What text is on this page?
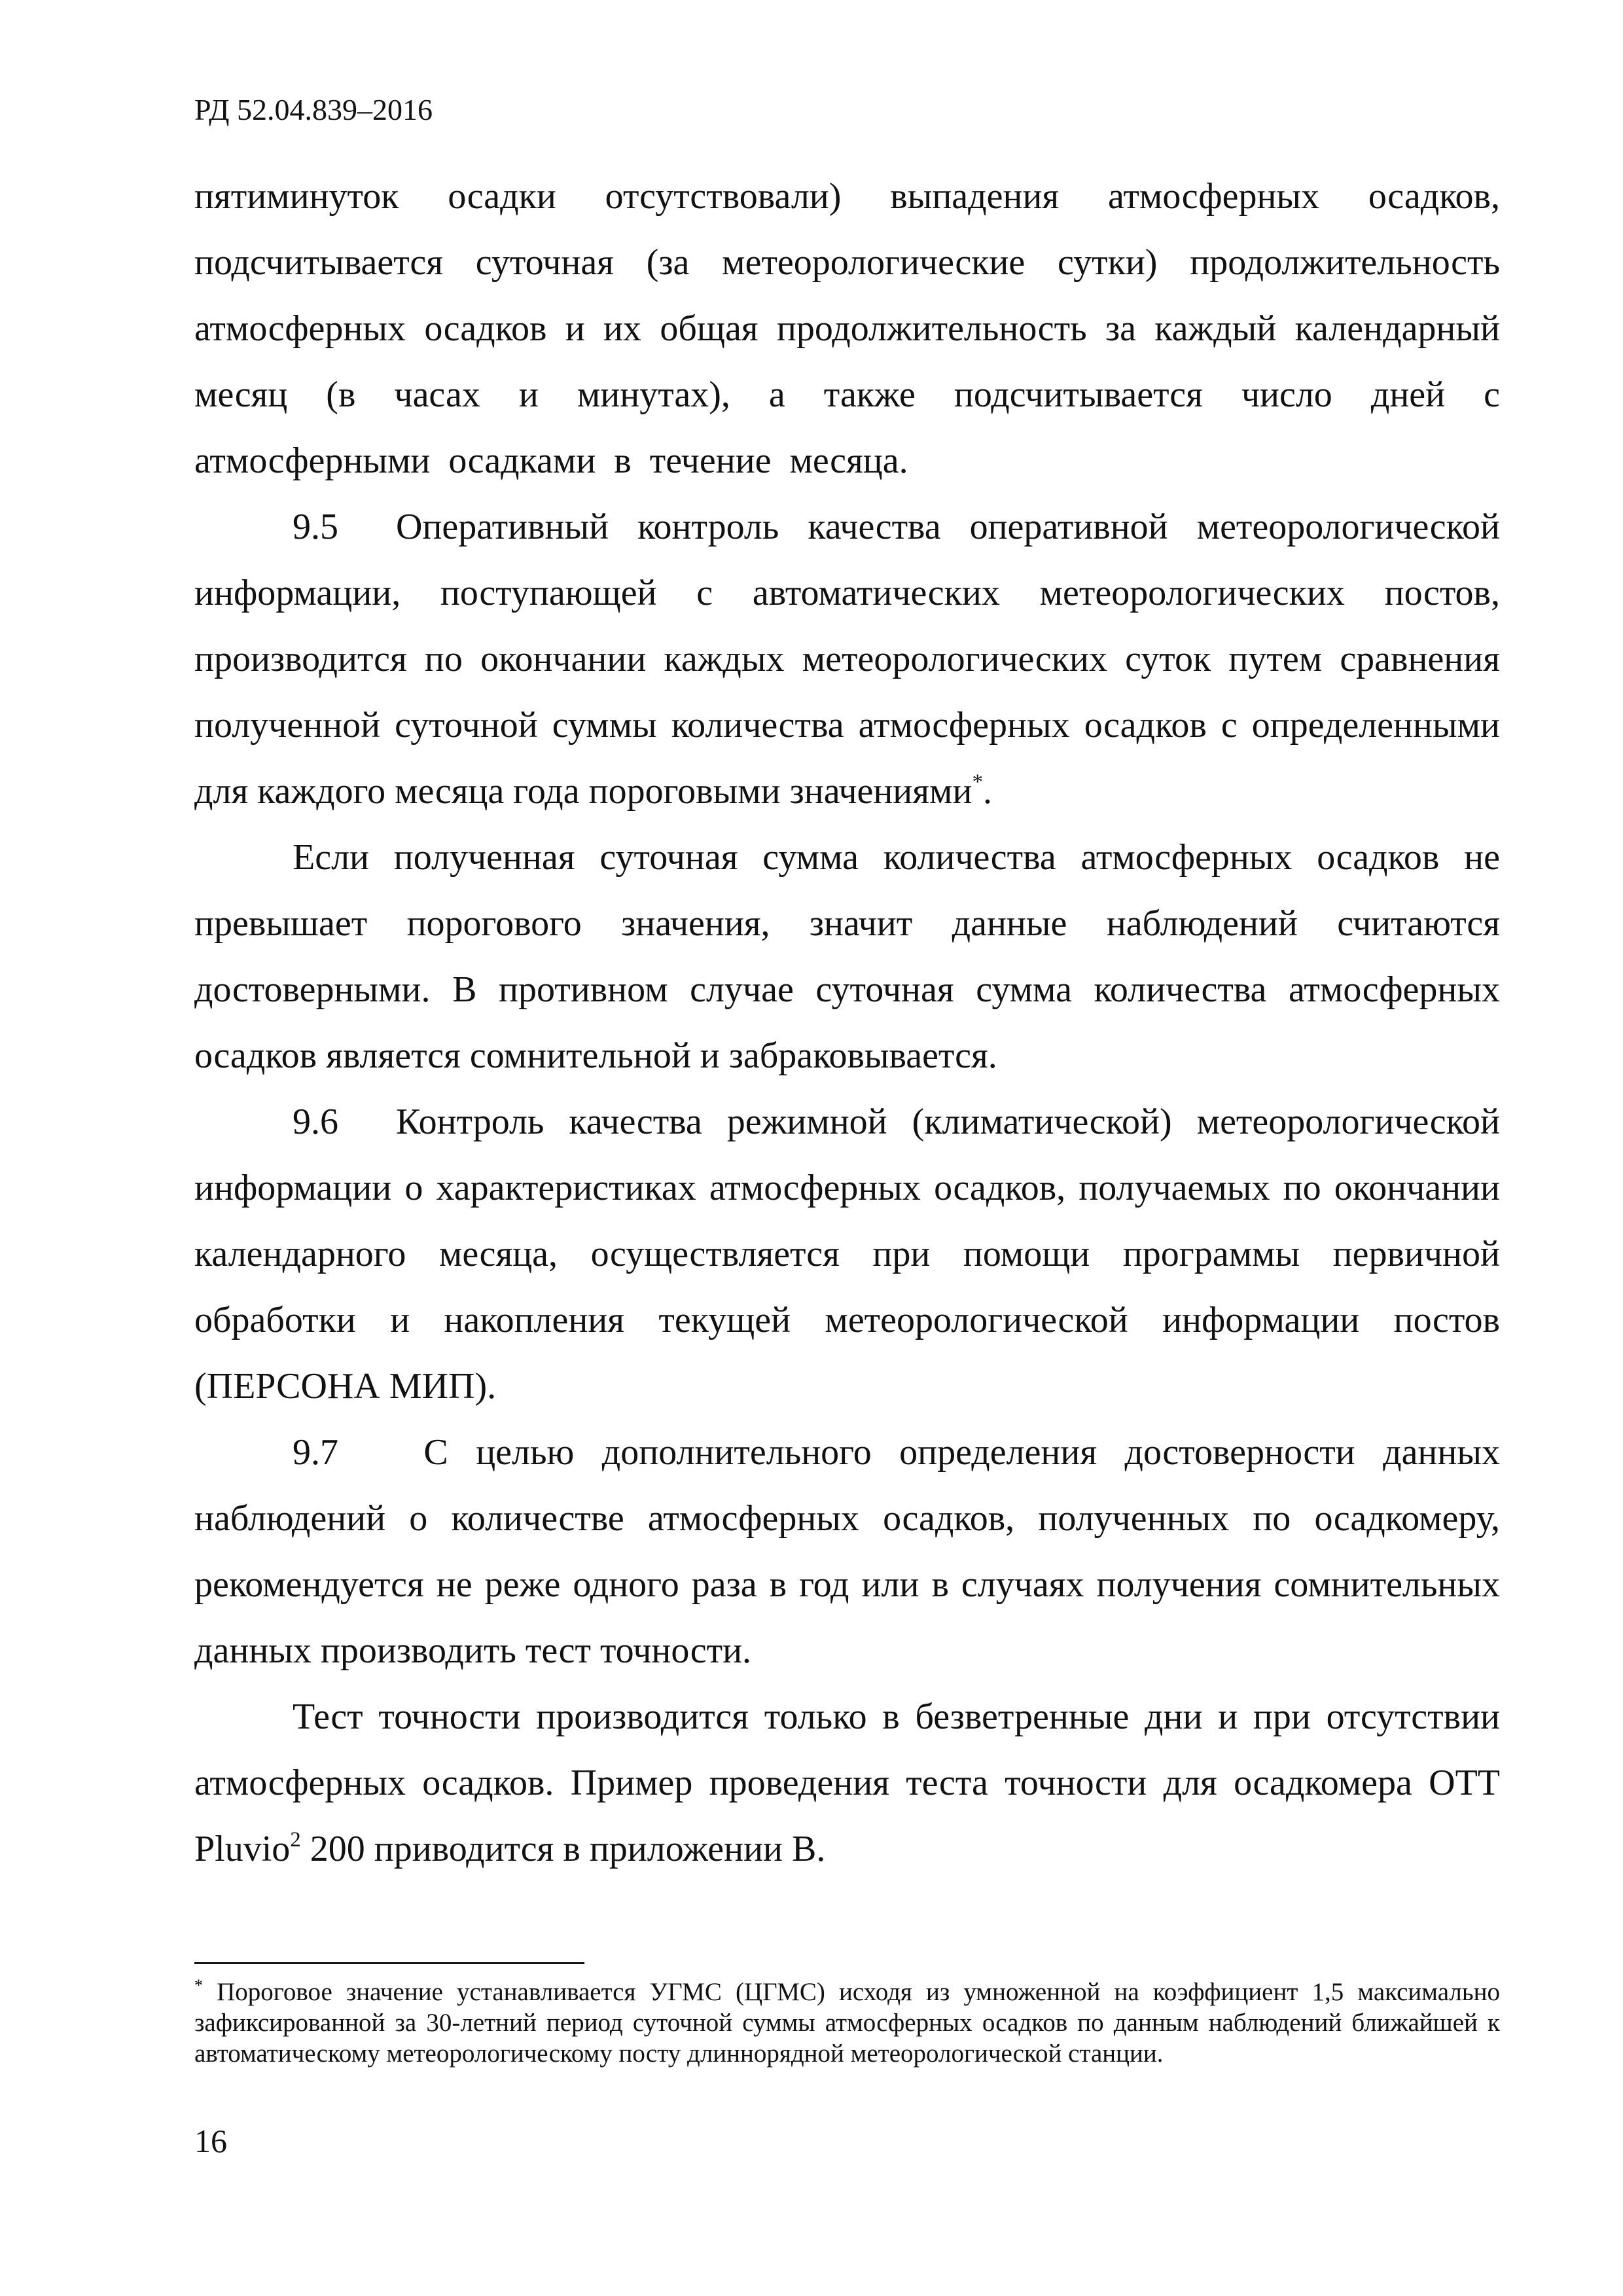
РД 52.04.839–2016

пятиминуток осадки отсутствовали) выпадения атмосферных осадков, подсчитывается суточная (за метеорологические сутки) продолжительность атмосферных осадков и их общая продолжительность за каждый календарный месяц (в часах и минутах), а также подсчитывается число дней с атмосферными осадками в течение месяца.

9.5 Оперативный контроль качества оперативной метеорологической информации, поступающей с автоматических метеорологических постов, производится по окончании каждых метеорологических суток путем сравнения полученной суточной суммы количества атмосферных осадков с определенными для каждого месяца года пороговыми значениями*.

Если полученная суточная сумма количества атмосферных осадков не превышает порогового значения, значит данные наблюдений считаются достоверными. В противном случае суточная сумма количества атмосферных осадков является сомнительной и забраковывается.

9.6 Контроль качества режимной (климатической) метеорологической информации о характеристиках атмосферных осадков, получаемых по окончании календарного месяца, осуществляется при помощи программы первичной обработки и накопления текущей метеорологической информации постов (ПЕРСОНА МИП).

9.7 С целью дополнительного определения достоверности данных наблюдений о количестве атмосферных осадков, полученных по осадкомеру, рекомендуется не реже одного раза в год или в случаях получения сомнительных данных производить тест точности.

Тест точности производится только в безветренные дни и при отсутствии атмосферных осадков. Пример проведения теста точности для осадкомера ОТТ Pluvio$^2$ 200 приводится в приложении В.

* Пороговое значение устанавливается УГМС (ЦГМС) исходя из умноженной на коэффициент 1,5 максимально зафиксированной за 30-летний период суточной суммы атмосферных осадков по данным наблюдений ближайшей к автоматическому метеорологическому посту длиннорядной метеорологической станции.
16
